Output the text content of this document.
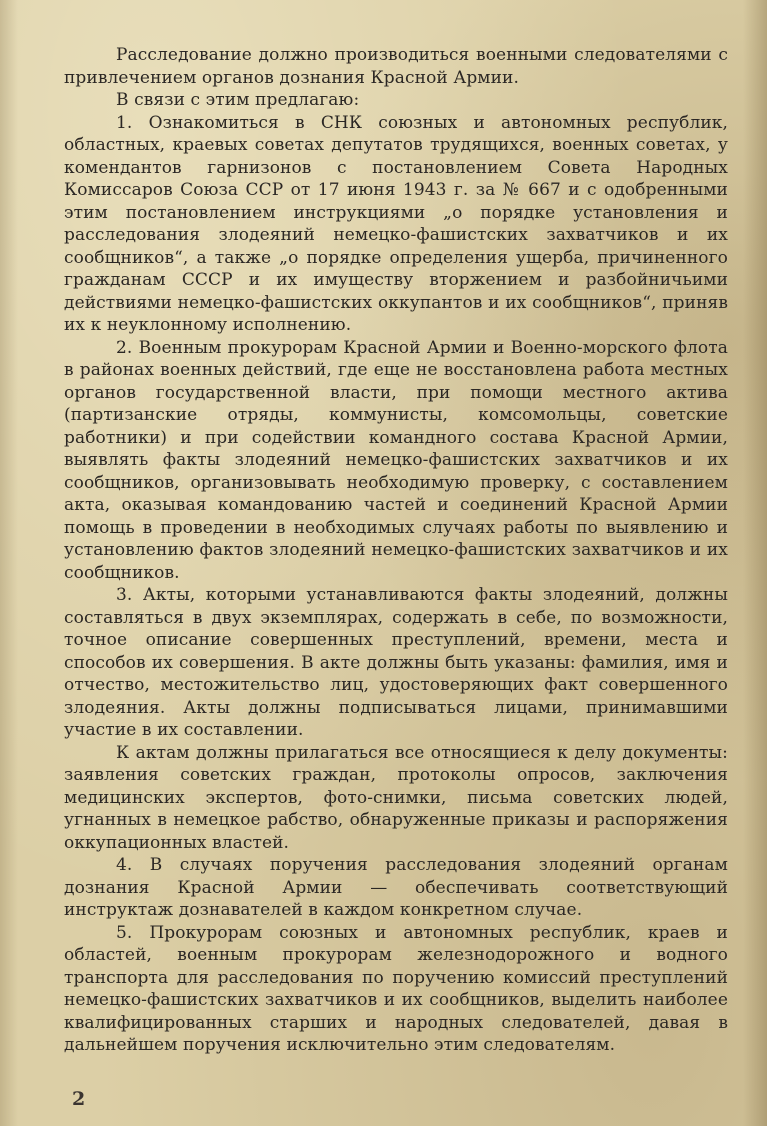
Расследование должно производиться военными следователями с привлечением органов дознания Красной Армии.

В связи с этим предлагаю:

1. Ознакомиться в СНК союзных и автономных республик, областных, краевых советах депутатов трудящихся, военных советах, у комендантов гарнизонов с постановлением Совета Народных Комиссаров Союза ССР от 17 июня 1943 г. за № 667 и с одобренными этим постановлением инструкциями „о порядке установления и расследования злодеяний немецко-фашистских захватчиков и их сообщников“, а также „о порядке определения ущерба, причиненного гражданам СССР и их имуществу вторжением и разбойничьими действиями немецко-фашистских оккупантов и их сообщников“, приняв их к неуклонному исполнению.

2. Военным прокурорам Красной Армии и Военно-морского флота в районах военных действий, где еще не восстановлена работа местных органов государственной власти, при помощи местного актива (партизанские отряды, коммунисты, комсомольцы, советские работники) и при содействии командного состава Красной Армии, выявлять факты злодеяний немецко-фашистских захватчиков и их сообщников, организовывать необходимую проверку, с составлением акта, оказывая командованию частей и соединений Красной Армии помощь в проведении в необходимых случаях работы по выявлению и установлению фактов злодеяний немецко-фашистских захватчиков и их сообщников.

3. Акты, которыми устанавливаются факты злодеяний, должны составляться в двух экземплярах, содержать в себе, по возможности, точное описание совершенных преступлений, времени, места и способов их совершения. В акте должны быть указаны: фамилия, имя и отчество, местожительство лиц, удостоверяющих факт совершенного злодеяния. Акты должны подписываться лицами, принимавшими участие в их составлении.

К актам должны прилагаться все относящиеся к делу документы: заявления советских граждан, протоколы опросов, заключения медицинских экспертов, фото-снимки, письма советских людей, угнанных в немецкое рабство, обнаруженные приказы и распоряжения оккупационных властей.

4. В случаях поручения расследования злодеяний органам дознания Красной Армии — обеспечивать соответствующий инструктаж дознавателей в каждом конкретном случае.

5. Прокурорам союзных и автономных республик, краев и областей, военным прокурорам железнодорожного и водного транспорта для расследования по поручению комиссий преступлений немецко-фашистских захватчиков и их сообщников, выделить наиболее квалифицированных старших и народных следователей, давая в дальнейшем поручения исключительно этим следователям.

2
